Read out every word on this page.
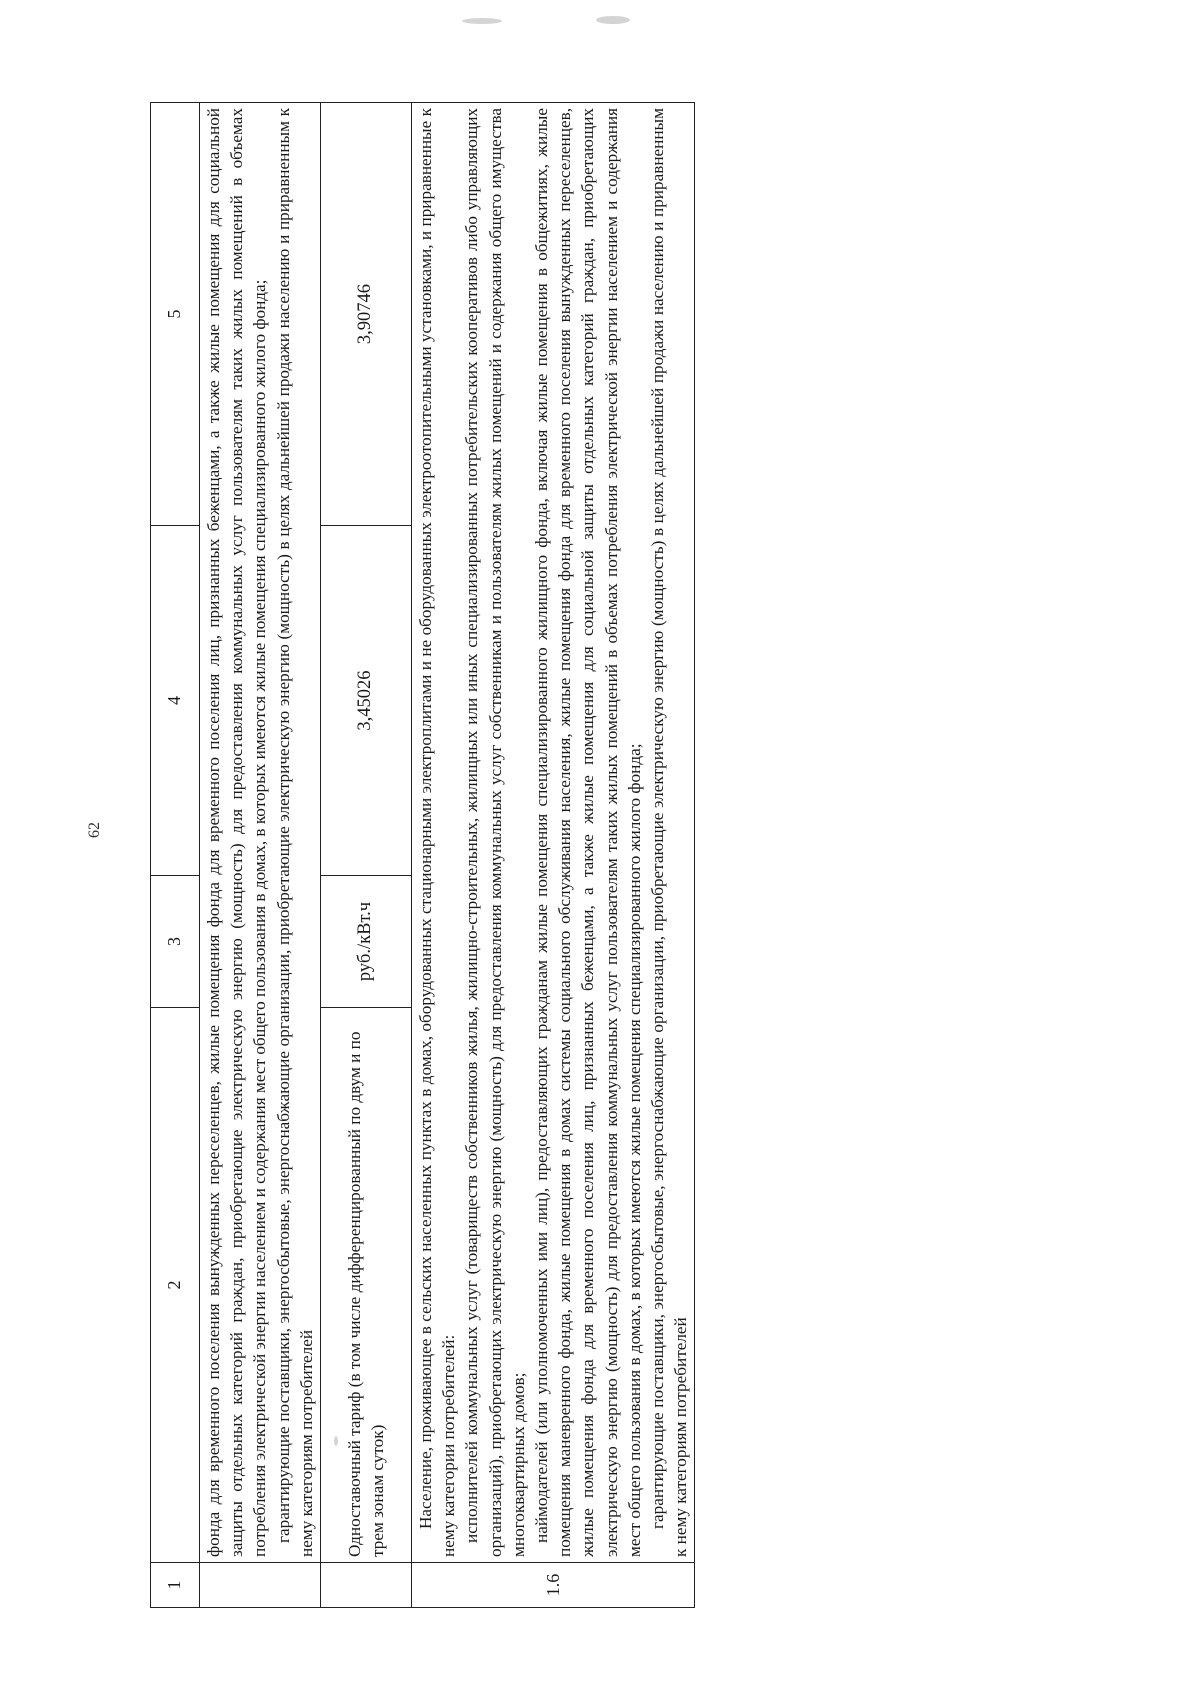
62
1	2	3	4	5

	фонда для временного поселения вынужденных переселенцев, жилые помещения фонда для временного поселения лиц, признанных беженцами, а также жилые помещения для социальной защиты отдельных категорий граждан, приобретающие электрическую энергию (мощность) для предоставления коммунальных услуг пользователям таких жилых помещений в объемах потребления электрической энергии населением и содержания мест общего пользования в домах, в которых имеются жилые помещения специализированного жилого фонда; гарантирующие поставщики, энергосбытовые, энергоснабжающие организации, приобретающие электрическую энергию (мощность) в целях дальнейшей продажи населению и приравненным к нему категориям потребителей			

	Одноставочный тариф (в том числе дифференцированный по двум и по трем зонам суток)	руб./кВт.ч	3,45026	3,90746
1.6	Население, проживающее в сельских населенных пунктах в домах, оборудованных стационарными электроплитами и не оборудованных электроотопительными установками, и приравненные к нему категории потребителей: исполнителей коммунальных услуг (товариществ собственников жилья, жилищно-строительных, жилищных или иных специализированных потребительских кооперативов либо управляющих организаций), приобретающих электрическую энергию (мощность) для предоставления коммунальных услуг собственникам и пользователям жилых помещений и содержания общего имущества многоквартирных домов; наймодателей (или уполномоченных ими лиц), предоставляющих гражданам жилые помещения специализированного жилищного фонда, включая жилые помещения в общежитиях, жилые помещения маневренного фонда, жилые помещения в домах системы социального обслуживания населения, жилые помещения фонда для временного поселения вынужденных переселенцев, жилые помещения фонда для временного поселения лиц, признанных беженцами, а также жилые помещения для социальной защиты отдельных категорий граждан, приобретающих электрическую энергию (мощность) для предоставления коммунальных услуг пользователям таких жилых помещений в объемах потребления электрической энергии населением и содержания мест общего пользования в домах, в которых имеются жилые помещения специализированного жилого фонда; гарантирующие поставщики, энергосбытовые, энергоснабжающие организации, приобретающие электрическую энергию (мощность) в целях дальнейшей продажи населению и приравненным к нему категориям потребителей			
